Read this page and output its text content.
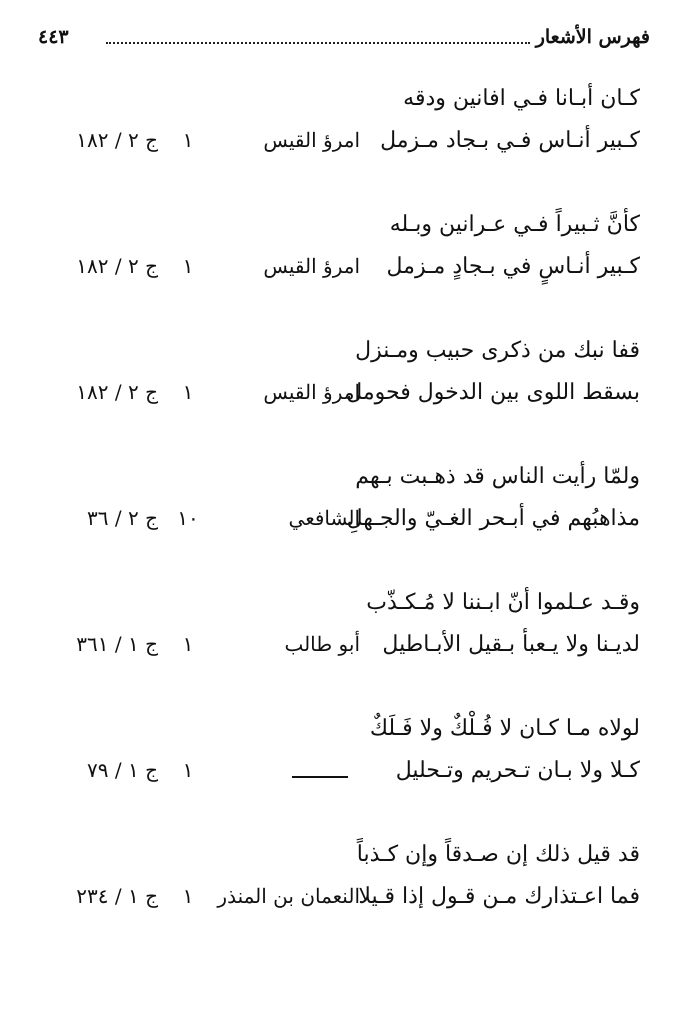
٤٤٣	فهرس الأشعار
كـان أبـانا فـي افانين ودقه
كـبير أنـاس فـي بـجاد مـزمل
امرؤ القيس
١
ج ٢ / ١٨٢
كأنَّ ثـبيراً فـي عـرانين وبـله
كـبير أنـاسٍ في بـجادٍ مـزمل
امرؤ القيس
١
ج ٢ / ١٨٢
قفا نبك من ذكرى حبيب ومـنزل
بسقط اللوى بين الدخول فحومل
امرؤ القيس
١
ج ٢ / ١٨٢
ولمّا رأيت الناس قد ذهـبت بـهم
مذاهبُهم في أبـحر الغـيّ والجـهلِ
الشافعي
١٠
ج ٢ / ٣٦
وقـد عـلموا أنّ ابـننا لا مُـكـذّب
لديـنا ولا يـعبأ بـقيل الأبـاطيل
أبو طالب
١
ج ١ / ٣٦١
لولاه مـا كـان لا فُـلْكٌ ولا فَـلَكٌ
كـلا ولا بـان تـحريم وتـحليل
١
ج ١ / ٧٩
قد قيل ذلك إن صـدقاً وإن كـذباً
فما اعـتذارك مـن قـول إذا قـيلا
النعمان بن المنذر
١
ج ١ / ٢٣٤
